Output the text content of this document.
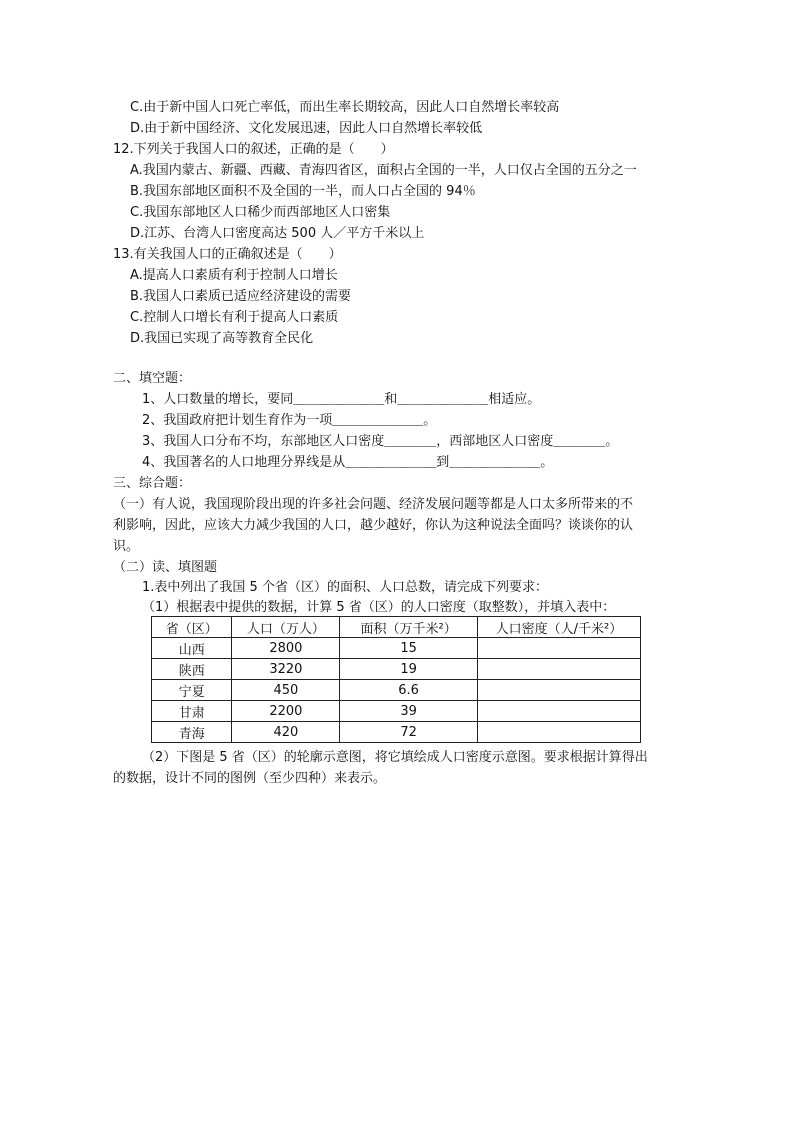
C.由于新中国人口死亡率低，而出生率长期较高，因此人口自然增长率较高
D.由于新中国经济、文化发展迅速，因此人口自然增长率较低
12.下列关于我国人口的叙述，正确的是（　　）
A.我国内蒙古、新疆、西藏、青海四省区，面积占全国的一半，人口仅占全国的五分之一
B.我国东部地区面积不及全国的一半，而人口占全国的 94％
C.我国东部地区人口稀少而西部地区人口密集
D.江苏、台湾人口密度高达 500 人／平方千米以上
13.有关我国人口的正确叙述是（　　）
A.提高人口素质有利于控制人口增长
B.我国人口素质已适应经济建设的需要
C.控制人口增长有利于提高人口素质
D.我国已实现了高等教育全民化
二、填空题：
1、人口数量的增长，要同＿＿＿＿＿＿＿和＿＿＿＿＿＿＿相适应。
2、我国政府把计划生育作为一项＿＿＿＿＿＿＿。
3、我国人口分布不均，东部地区人口密度＿＿＿＿，西部地区人口密度＿＿＿＿。
4、我国著名的人口地理分界线是从＿＿＿＿＿＿＿到＿＿＿＿＿＿＿。
三、综合题：
（一）有人说，我国现阶段出现的许多社会问题、经济发展问题等都是人口太多所带来的不
利影响，因此，应该大力减少我国的人口，越少越好，你认为这种说法全面吗？谈谈你的认
识。
（二）读、填图题
1.表中列出了我国 5 个省（区）的面积、人口总数，请完成下列要求：
（1）根据表中提供的数据，计算 5 省（区）的人口密度（取整数），并填入表中：
省（区）	人口（万人）	面积（万千米²）	人口密度（人/千米²）
山西	2800	15	
陕西	3220	19	
宁夏	450	6.6	
甘肃	2200	39	
青海	420	72	
（2）下图是 5 省（区）的轮廓示意图，将它填绘成人口密度示意图。要求根据计算得出
的数据，设计不同的图例（至少四种）来表示。
